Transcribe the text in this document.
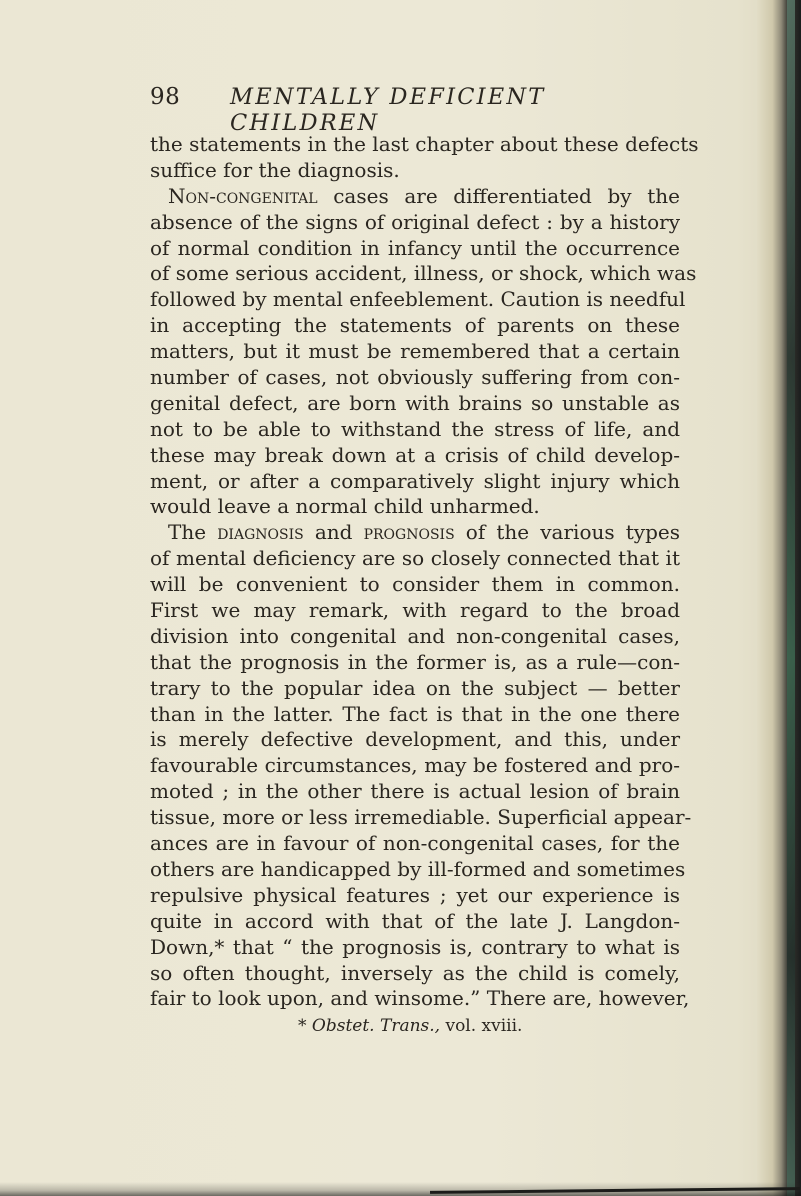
98 MENTALLY DEFICIENT CHILDREN
the statements in the last chapter about these defects
suffice for the diagnosis.
Non-congenital cases are differentiated by the
absence of the signs of original defect : by a history
of normal condition in infancy until the occurrence
of some serious accident, illness, or shock, which was
followed by mental enfeeblement. Caution is needful
in accepting the statements of parents on these
matters, but it must be remembered that a certain
number of cases, not obviously suffering from con-
genital defect, are born with brains so unstable as
not to be able to withstand the stress of life, and
these may break down at a crisis of child develop-
ment, or after a comparatively slight injury which
would leave a normal child unharmed.
The diagnosis and prognosis of the various types
of mental deficiency are so closely connected that it
will be convenient to consider them in common.
First we may remark, with regard to the broad
division into congenital and non-congenital cases,
that the prognosis in the former is, as a rule—con-
trary to the popular idea on the subject — better
than in the latter. The fact is that in the one there
is merely defective development, and this, under
favourable circumstances, may be fostered and pro-
moted ; in the other there is actual lesion of brain
tissue, more or less irremediable. Superficial appear-
ances are in favour of non-congenital cases, for the
others are handicapped by ill-formed and sometimes
repulsive physical features ; yet our experience is
quite in accord with that of the late J. Langdon-
Down,* that “ the prognosis is, contrary to what is
so often thought, inversely as the child is comely,
fair to look upon, and winsome.” There are, however,
* Obstet. Trans., vol. xviii.
